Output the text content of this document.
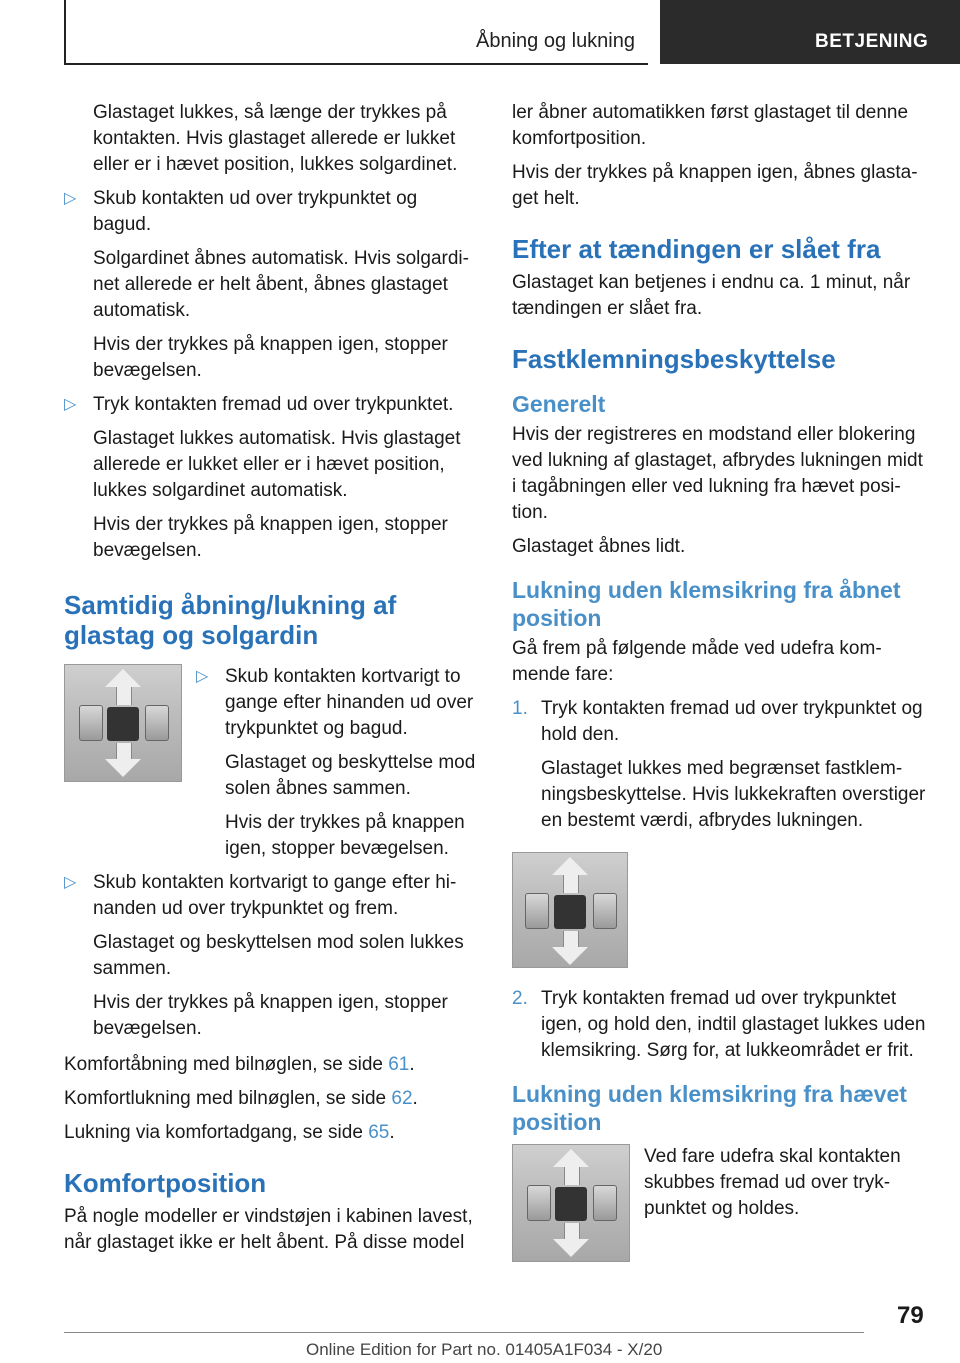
Åbning og lukning	BETJENING

Glastaget lukkes, så længe der trykkes på kontakten. Hvis glastaget allerede er lukket eller er i hævet position, lukkes solgardinet.

▷ Skub kontakten ud over trykpunktet og bagud.

Solgardinet åbnes automatisk. Hvis solgardinet allerede er helt åbent, åbnes glastaget automatisk.

Hvis der trykkes på knappen igen, stopper bevægelsen.

▷ Tryk kontakten fremad ud over trykpunktet.

Glastaget lukkes automatisk. Hvis glastaget allerede er lukket eller er i hævet position, lukkes solgardinet automatisk.

Hvis der trykkes på knappen igen, stopper bevægelsen.

Samtidig åbning/lukning af glastag og solgardin
▷ Skub kontakten kortvarigt to gange efter hinanden ud over trykpunktet og bagud.

Glastaget og beskyttelse mod solen åbnes sammen.

Hvis der trykkes på knappen igen, stopper bevægelsen.

▷ Skub kontakten kortvarigt to gange efter hinanden ud over trykpunktet og frem.

Glastaget og beskyttelsen mod solen lukkes sammen.

Hvis der trykkes på knappen igen, stopper bevægelsen.

Komfortåbning med bilnøglen, se side 61.

Komfortlukning med bilnøglen, se side 62.

Lukning via komfortadgang, se side 65.

Komfortposition

På nogle modeller er vindstøjen i kabinen lavest, når glastaget ikke er helt åbent. På disse model

ler åbner automatikken først glastaget til denne komfortposition.

Hvis der trykkes på knappen igen, åbnes glastaget helt.

Efter at tændingen er slået fra

Glastaget kan betjenes i endnu ca. 1 minut, når tændingen er slået fra.

Fastklemningsbeskyttelse
Generelt

Hvis der registreres en modstand eller blokering ved lukning af glastaget, afbrydes lukningen midt i tagåbningen eller ved lukning fra hævet position.

Glastaget åbnes lidt.

Lukning uden klemsikring fra åbnet position

Gå frem på følgende måde ved udefra kommende fare:

1. Tryk kontakten fremad ud over trykpunktet og hold den.

Glastaget lukkes med begrænset fastklemningsbeskyttelse. Hvis lukkekraften overstiger en bestemt værdi, afbrydes lukningen.

2. Tryk kontakten fremad ud over trykpunktet igen, og hold den, indtil glastaget lukkes uden klemsikring. Sørg for, at lukkeområdet er frit.
Lukning uden klemsikring fra hævet position

Ved fare udefra skal kontakten skubbes fremad ud over trykpunktet og holdes.

79
Online Edition for Part no. 01405A1F034 - X/20
